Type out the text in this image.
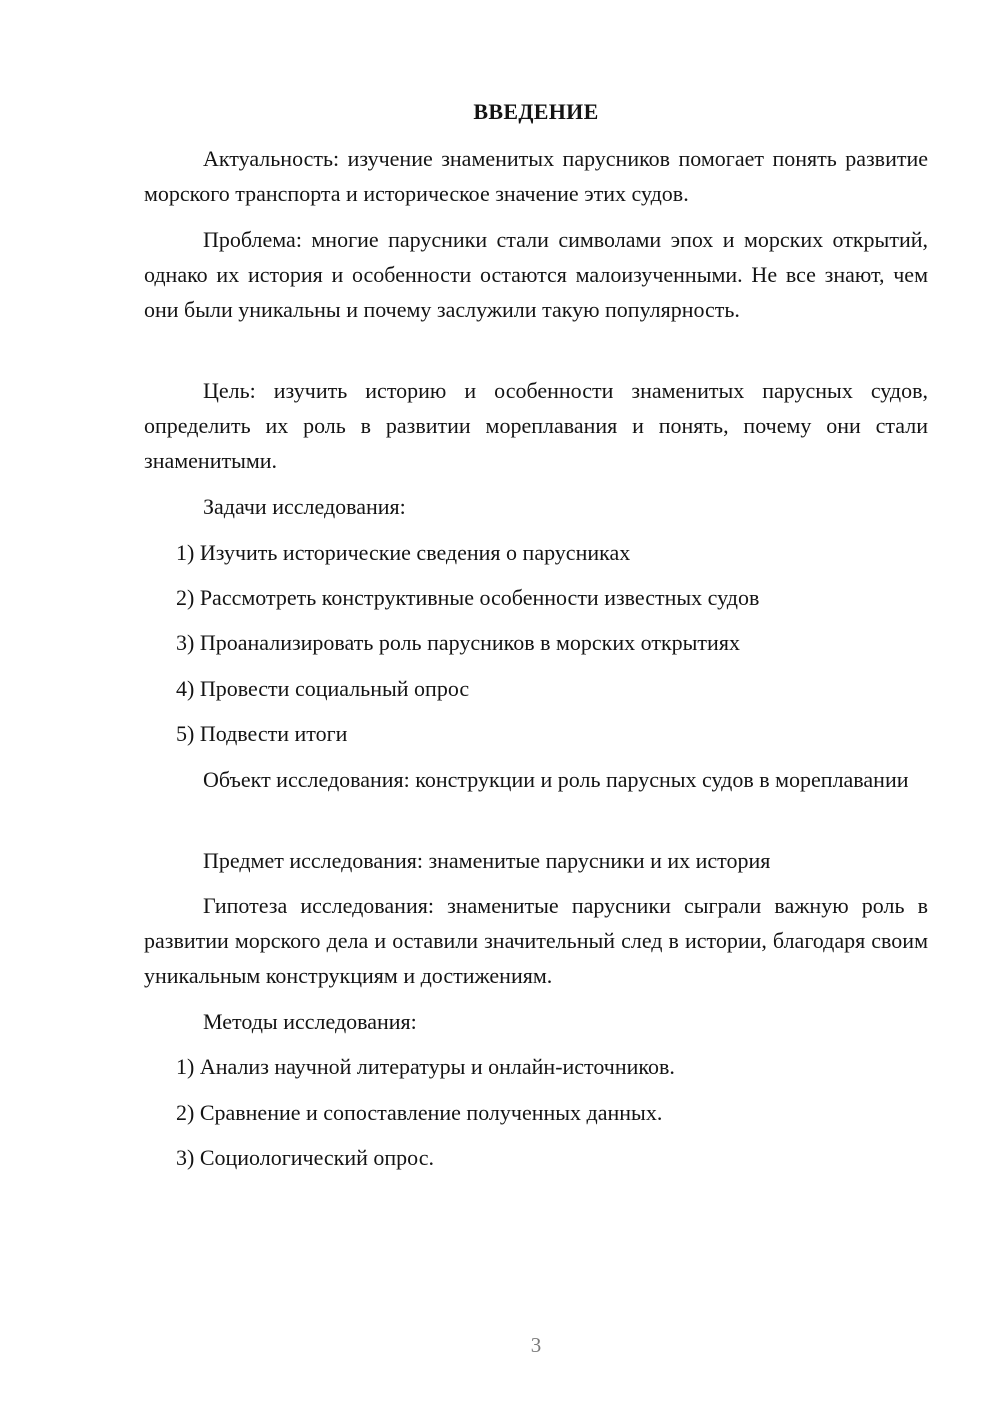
ВВЕДЕНИЕ

Актуальность: изучение знаменитых парусников помогает понять развитие морского транспорта и историческое значение этих судов.

Проблема: многие парусники стали символами эпох и морских открытий, однако их история и особенности остаются малоизученными. Не все знают, чем они были уникальны и почему заслужили такую популярность.

Цель: изучить историю и особенности знаменитых парусных судов, определить их роль в развитии мореплавания и понять, почему они стали знаменитыми.

Задачи исследования:

1) Изучить исторические сведения о парусниках

2) Рассмотреть конструктивные особенности известных судов

3) Проанализировать роль парусников в морских открытиях

4) Провести социальный опрос

5) Подвести итоги

Объект исследования: конструкции и роль парусных судов в мореплавании

Предмет исследования: знаменитые парусники и их история

Гипотеза исследования: знаменитые парусники сыграли важную роль в развитии морского дела и оставили значительный след в истории, благодаря своим уникальным конструкциям и достижениям.

Методы исследования:

1) Анализ научной литературы и онлайн-источников.

2) Сравнение и сопоставление полученных данных.

3) Социологический опрос.

3
